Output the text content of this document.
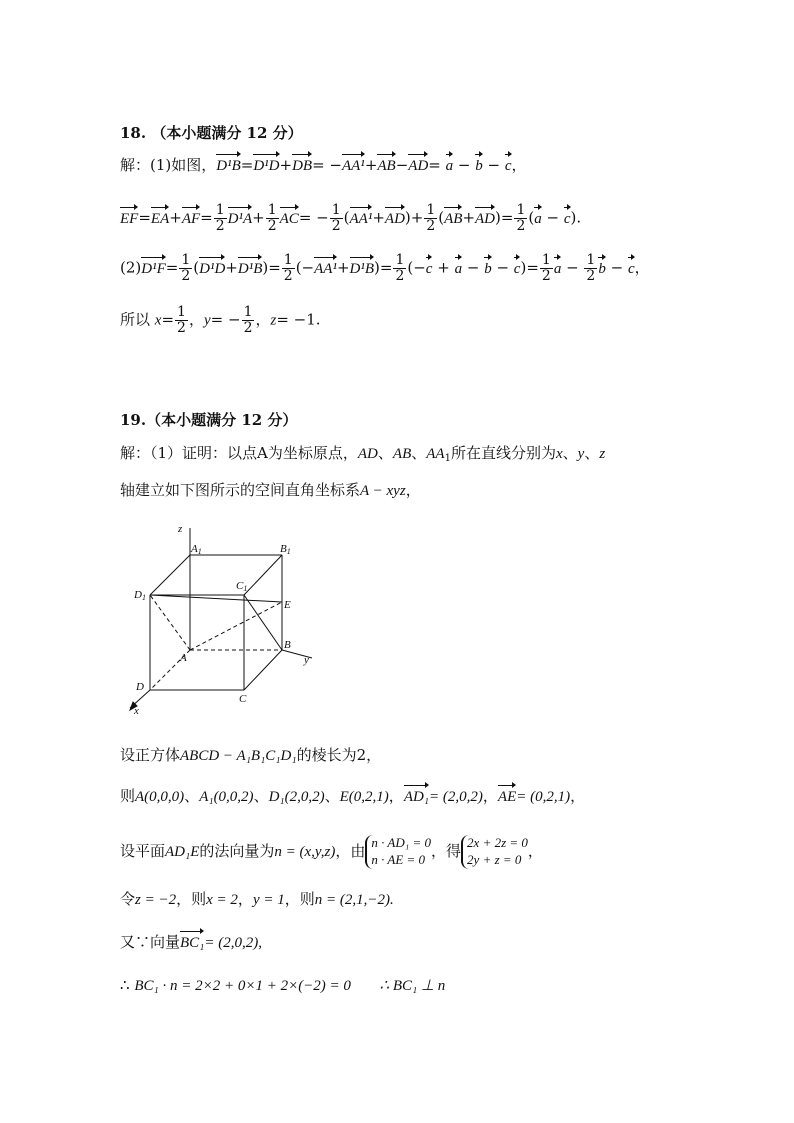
18. （本小题满分 12 分）
解：(1)如图，D¹B=D¹D+DB= −AA¹+AB−AD= a − b − c，
$EF=EA+AF= \frac{1}{2} D^1A+ \frac{1}{2} AC= - \frac{1}{2} (AA^1+AD)+ \frac{1}{2} (AB+AD)= \frac{1}{2} (a - c)$.
$(2)D^1F= \frac{1}{2} (D^1D+D^1B)= \frac{1}{2} (-AA^1+D^1B)= \frac{1}{2} (-c + a - b - c)= \frac{1}{2}$ $a - \frac{1}{2}$ b − c，
所以 $x= \frac{1}{2}$ ，$y= - \frac{1}{2}$ ，z= −1.
19.（本小题满分 12 分）
解：（1）证明：以点A为坐标原点，AD、AB、$AA_1$所在直线分别为x、y、z
轴建立如下图所示的空间直角坐标系A − xyz，
z
A1	B1
C1
D1
E
A
B
y
D
C
x
设正方体ABCD − A₁B₁C₁D₁的棱长为2，
则A(0,0,0)、A₁(0,0,2)、D₁(2,0,2)、E(0,2,1)，AD₁= (2,0,2)，AE= (0,2,1)，
设平面AD₁E的法向量为n = (x,y,z)，由 n · AD₁ = 0
n · AE = 0 ，得 2x + 2z = 0
2y + z = 0 ，
令z = −2，则x = 2，y = 1，则n = (2,1,−2).
又∵向量BC₁= (2,0,2),
∴ BC₁ · n = 2×2 + 0×1 + 2×(−2) = 0 ∴ BC₁ ⊥ n
